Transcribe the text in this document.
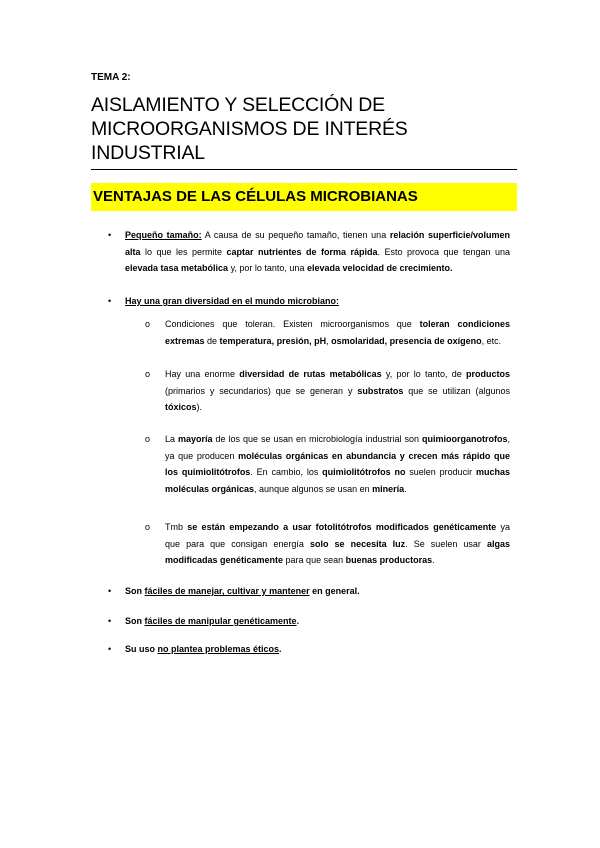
TEMA 2:
AISLAMIENTO Y SELECCIÓN DE
MICROORGANISMOS DE INTERÉS INDUSTRIAL
VENTAJAS DE LAS CÉLULAS MICROBIANAS
• Pequeño tamaño: A causa de su pequeño tamaño, tienen una relación superficie/volumen alta lo que les permite captar nutrientes de forma rápida. Esto provoca que tengan una elevada tasa metabólica y, por lo tanto, una elevada velocidad de crecimiento.
• Hay una gran diversidad en el mundo microbiano:
o Condiciones que toleran. Existen microorganismos que toleran condiciones extremas de temperatura, presión, pH, osmolaridad, presencia de oxígeno, etc.
o Hay una enorme diversidad de rutas metabólicas y, por lo tanto, de productos (primarios y secundarios) que se generan y substratos que se utilizan (algunos tóxicos).
o La mayoría de los que se usan en microbiología industrial son quimioorganotrofos, ya que producen moléculas orgánicas en abundancia y crecen más rápido que los quimiolitótrofos. En cambio, los quimiolitótrofos no suelen producir muchas moléculas orgánicas, aunque algunos se usan en minería.
o Tmb se están empezando a usar fotolitótrofos modificados genéticamente ya que para que consigan energía solo se necesita luz. Se suelen usar algas modificadas genéticamente para que sean buenas productoras.
• Son fáciles de manejar, cultivar y mantener en general.
• Son fáciles de manipular genéticamente.
• Su uso no plantea problemas éticos.
